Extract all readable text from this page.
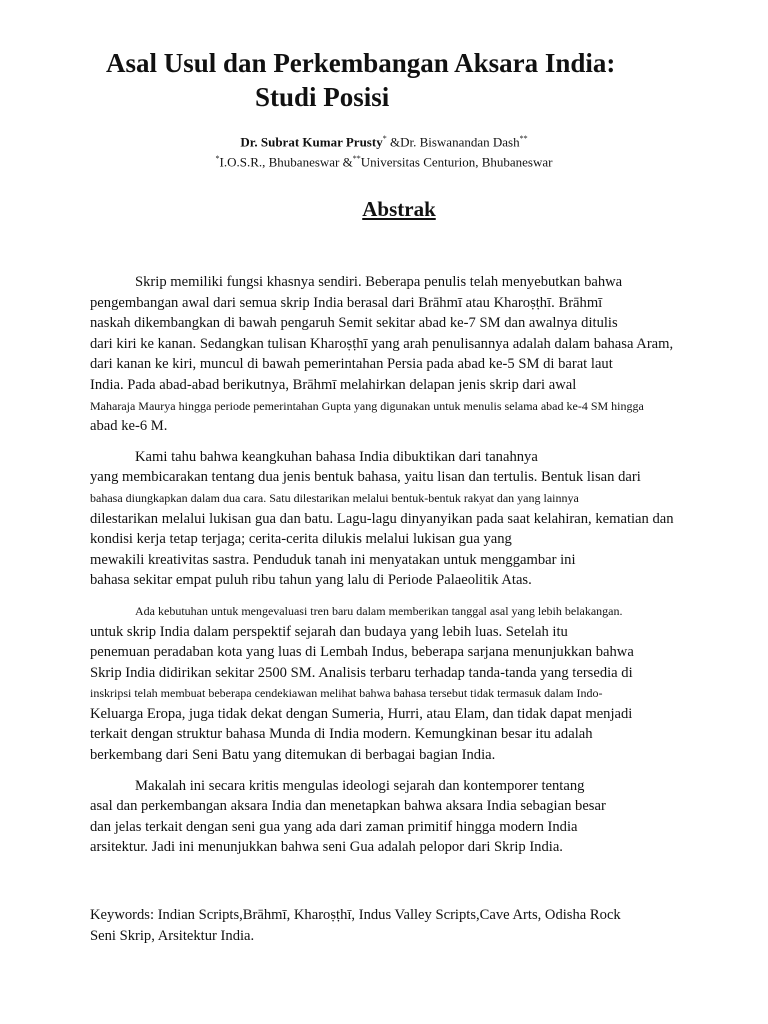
Asal Usul dan Perkembangan Aksara India:
Studi Posisi
Dr. Subrat Kumar Prusty* &Dr. Biswanandan Dash**
*I.O.S.R., Bhubaneswar &**Universitas Centurion, Bhubaneswar
Abstrak
Skrip memiliki fungsi khasnya sendiri. Beberapa penulis telah menyebutkan bahwa
pengembangan awal dari semua skrip India berasal dari Brāhmī atau Kharoṣṭhī. Brāhmī
naskah dikembangkan di bawah pengaruh Semit sekitar abad ke-7 SM dan awalnya ditulis
dari kiri ke kanan. Sedangkan tulisan Kharoṣṭhī yang arah penulisannya adalah dalam bahasa Aram,
dari kanan ke kiri, muncul di bawah pemerintahan Persia pada abad ke-5 SM di barat laut
India. Pada abad-abad berikutnya, Brāhmī melahirkan delapan jenis skrip dari awal
Maharaja Maurya hingga periode pemerintahan Gupta yang digunakan untuk menulis selama abad ke-4 SM hingga
abad ke-6 M.
Kami tahu bahwa keangkuhan bahasa India dibuktikan dari tanahnya
yang membicarakan tentang dua jenis bentuk bahasa, yaitu lisan dan tertulis. Bentuk lisan dari
bahasa diungkapkan dalam dua cara. Satu dilestarikan melalui bentuk-bentuk rakyat dan yang lainnya
dilestarikan melalui lukisan gua dan batu. Lagu-lagu dinyanyikan pada saat kelahiran, kematian dan
kondisi kerja tetap terjaga; cerita-cerita dilukis melalui lukisan gua yang
mewakili kreativitas sastra. Penduduk tanah ini menyatakan untuk menggambar ini
bahasa sekitar empat puluh ribu tahun yang lalu di Periode Palaeolitik Atas.
Ada kebutuhan untuk mengevaluasi tren baru dalam memberikan tanggal asal yang lebih belakangan.
untuk skrip India dalam perspektif sejarah dan budaya yang lebih luas. Setelah itu
penemuan peradaban kota yang luas di Lembah Indus, beberapa sarjana menunjukkan bahwa
Skrip India didirikan sekitar 2500 SM. Analisis terbaru terhadap tanda-tanda yang tersedia di
inskripsi telah membuat beberapa cendekiawan melihat bahwa bahasa tersebut tidak termasuk dalam Indo-
Keluarga Eropa, juga tidak dekat dengan Sumeria, Hurri, atau Elam, dan tidak dapat menjadi
terkait dengan struktur bahasa Munda di India modern. Kemungkinan besar itu adalah
berkembang dari Seni Batu yang ditemukan di berbagai bagian India.
Makalah ini secara kritis mengulas ideologi sejarah dan kontemporer tentang
asal dan perkembangan aksara India dan menetapkan bahwa aksara India sebagian besar
dan jelas terkait dengan seni gua yang ada dari zaman primitif hingga modern India
arsitektur. Jadi ini menunjukkan bahwa seni Gua adalah pelopor dari Skrip India.
Keywords: Indian Scripts,Brāhmī, Kharoṣṭhī, Indus Valley Scripts,Cave Arts, Odisha Rock
Seni Skrip, Arsitektur India.
